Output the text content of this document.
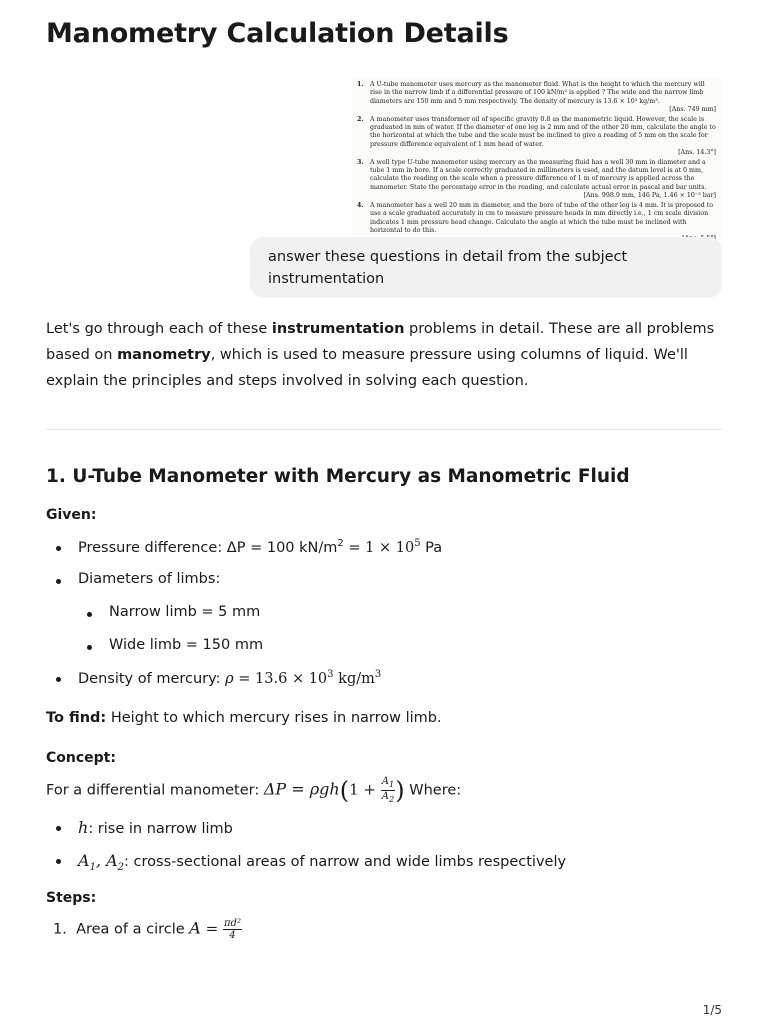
Manometry Calculation Details
1. A U-tube manometer uses mercury as the manometer fluid. What is the height to which the mercury will rise in the narrow limb if a differential pressure of 100 kN/m² is applied ? The wide and the narrow limb diameters are 150 mm and 5 mm respectively. The density of mercury is 13.6 × 10³ kg/m³.
[Ans. 749 mm]
2. A manometer uses transformer oil of specific gravity 0.8 as the manometric liquid. However, the scale is graduated in mm of water. If the diameter of one leg is 2 mm and of the other 20 mm, calculate the angle to the horizontal at which the tube and the scale must be inclined to give a reading of 5 mm on the scale for pressure difference equivalent of 1 mm head of water.
[Ans. 14.3°]
3. A well type U-tube manometer using mercury as the measuring fluid has a well 30 mm in diameter and a tube 1 mm in bore. If a scale correctly graduated in millimeters is used, and the datum level is at 0 mm, calculate the reading on the scale when a pressure difference of 1 m of mercury is applied across the manometer. State the percentage error in the reading, and calculate actual error in pascal and bar units.
[Ans. 998.9 mm, 146 Pa, 1.46 × 10⁻³ bar]
4. A manometer has a well 20 mm in diameter, and the bore of tube of the other leg is 4 mm. It is proposed to use a scale graduated accurately in cm to measure pressure heads in mm directly i.e., 1 cm scale division indicates 1 mm pressure head change. Calculate the angle at which the tube must be inclined with horizontal to do this.
answer these questions in detail from the subject instrumentation

Let's go through each of these instrumentation problems in detail. These are all problems based on manometry, which is used to measure pressure using columns of liquid. We'll explain the principles and steps involved in solving each question.

1. U-Tube Manometer with Mercury as Manometric Fluid

Given:

Pressure difference: ΔP = 100 $kN/m^2 = 1 \times 10^5$ Pa
Diameters of limbs:
Narrow limb = 5 mm
Wide limb = 150 mm
Density of mercury: $\rho = 13.6 \times 10^3$ $kg/m^3$

To find: Height to which mercury rises in narrow limb.

Concept:

For a differential manometer: $\Delta P = \rho gh(1 + \frac{A_1}{A_2}$ ) Where:

h: rise in narrow limb
$A_1$, $A_2$: cross-sectional areas of narrow and wide limbs respectively

Steps:

1. Area of a circle $A = \frac{\text{πd²}}{4}$
1/5
